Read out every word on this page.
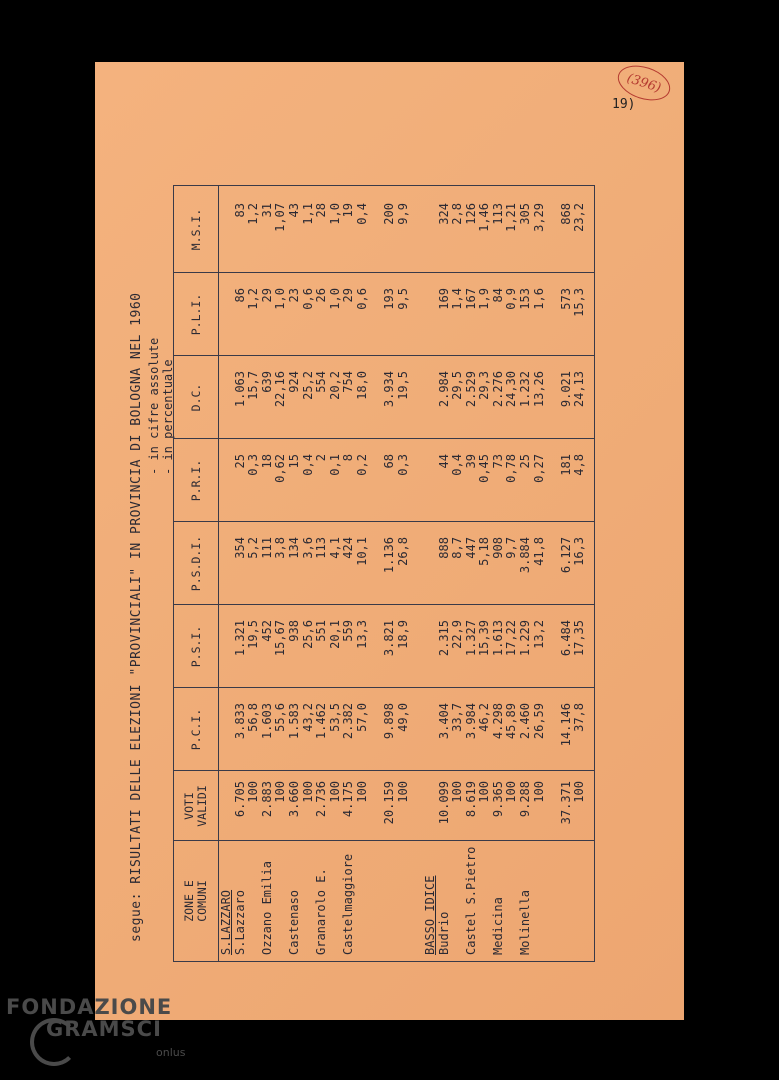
segue: RISULTATI DELLE ELEZIONI "PROVINCIALI" IN PROVINCIA DI BOLOGNA NEL 1960 - in cifre assolute - in percentuale
ZONE E COMUNI
VOTI VALIDI
P.C.I.
P.S.I.
P.S.D.I.
P.R.I.
D.C.
P.L.I.
M.S.I.
S.LAZZARO S.Lazzaro Ozzano Emilia Castenaso Granarolo E. Castelmaggiore	BASSO IDICE Budrio Castel S.Pietro Medicina Molinella
6.705 100 2.883 100 3.660 100 2.736 100 4.175 100 20.159 100 10.099 100 8.619 100 9.365 100 9.288 100 37.371 100
3.833 56,8 1.603 55,6 1.583 43,2 1.462 53,5 2.382 57,0 9.898 49,0 3.404 33,7 3.984 46,2 4.298 45,89 2.460 26,59 14.146 37,8
1.321 19,5 452 15,67 938 25,6 551 20,1 559 13,3 3.821 18,9 2.315 22,9 1.327 15,39 1.613 17,22 1.229 13,2 6.484 17,35
354 5,2 111 3,8 134 3,6 113 4,1 424 10,1 1.136 26,8 888 8,7 447 5,18 908 9,7 3.884 41,8 6.127 16,3
25 0,3 18 0,62 15 0,4 2 0,1 8 0,2 68 0,3 44 0,4 39 0,45 73 0,78 25 0,27 181 4,8
1.063 15,7 639 22,16 924 25,2 554 20,2 754 18,0 3.934 19,5 2.984 29,5 2.529 29,3 2.276 24,30 1.232 13,26 9.021 24,13
86 1,2 29 1,0 23 0,6 26 1,0 29 0,6 193 9,5 169 1,4 167 1,9 84 0,9 153 1,6 573 15,3
83 1,2 31 1,07 43 1,1 28 1,0 19 0,4 200 9,9 324 2,8 126 1,46 113 1,21 305 3,29 868 23,2
(396)
19)
FONDAZIONE
GRAMSCI
onlus
